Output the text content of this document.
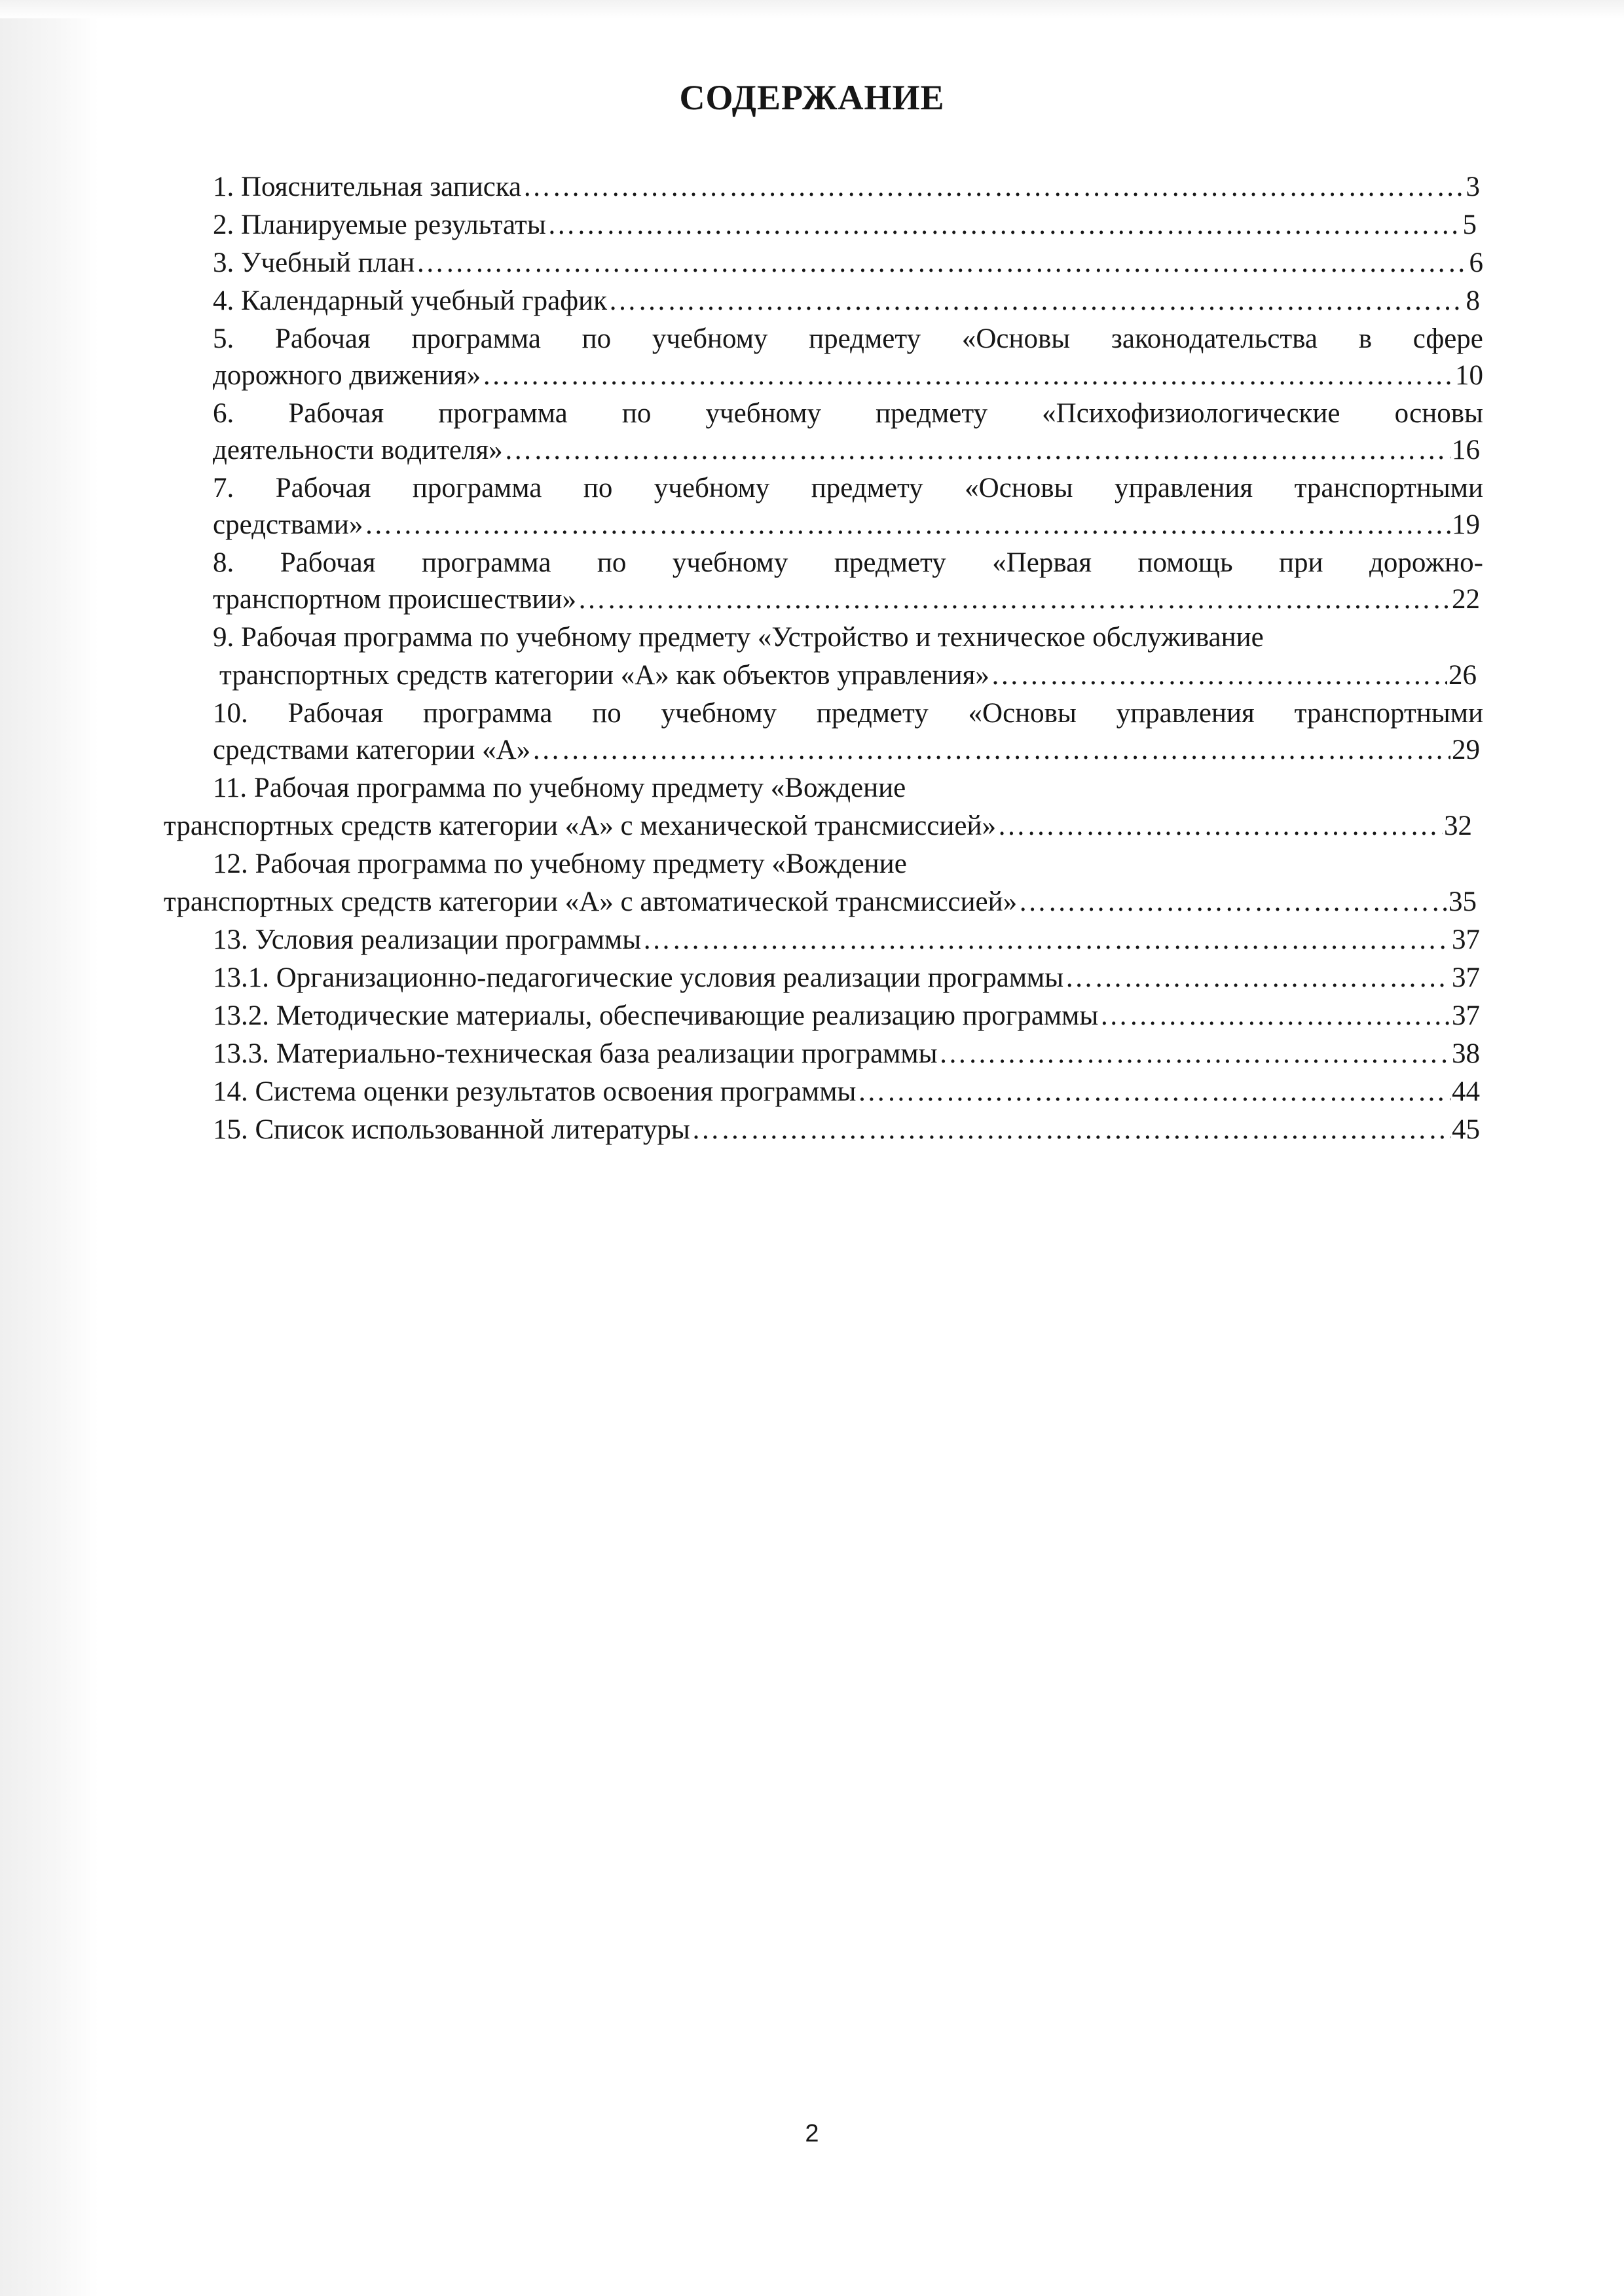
СОДЕРЖАНИЕ
1. Пояснительная записка ………………………………………………………………………………………………………………………………………………………………………………………………………………………………………	3
2. Планируемые результаты ………………………………………………………………………………………………………………………………………………………………………………………………………………………………………	5
3. Учебный план ………………………………………………………………………………………………………………………………………………………………………………………………………………………………………	6
4. Календарный учебный график ………………………………………………………………………………………………………………………………………………………………………………………………………………………………………	8
5. Рабочая программа по учебному предмету «Основы законодательства в сфере
дорожного движения» ………………………………………………………………………………………………………………………………………………………………………………………………………………………………………	10
6. Рабочая программа по учебному предмету «Психофизиологические основы
деятельности водителя» ………………………………………………………………………………………………………………………………………………………………………………………………………………………………………	16
7. Рабочая программа по учебному предмету «Основы управления транспортными
средствами» ………………………………………………………………………………………………………………………………………………………………………………………………………………………………………	19
8. Рабочая программа по учебному предмету «Первая помощь при дорожно-
транспортном происшествии» ………………………………………………………………………………………………………………………………………………………………………………………………………………………………………	22
9. Рабочая программа по учебному предмету «Устройство и техническое обслуживание
транспортных средств категории «А» как объектов управления» ………………………………………………………………………………………………………………………………………………………………………………………………………………………………………	26
10. Рабочая программа по учебному предмету «Основы управления транспортными
средствами категории «А» ………………………………………………………………………………………………………………………………………………………………………………………………………………………………………	29
11. Рабочая программа по учебному предмету «Вождение
транспортных средств категории «А» с механической трансмиссией» ………………………………………………………………………………………………………………………………………………………………………………………………………………………………………	32
12. Рабочая программа по учебному предмету «Вождение
транспортных средств категории «А» с автоматической трансмиссией» ………………………………………………………………………………………………………………………………………………………………………………………………………………………………………	35
13. Условия реализации программы ………………………………………………………………………………………………………………………………………………………………………………………………………………………………………	37
13.1. Организационно-педагогические условия реализации программы ………………………………………………………………………………………………………………………………………………………………………………………………………………………………………	37
13.2. Методические материалы, обеспечивающие реализацию программы ………………………………………………………………………………………………………………………………………………………………………………………………………………………………………	37
13.3. Материально-техническая база реализации программы ………………………………………………………………………………………………………………………………………………………………………………………………………………………………………	38
14. Система оценки результатов освоения программы ………………………………………………………………………………………………………………………………………………………………………………………………………………………………………	44
15. Список использованной литературы ………………………………………………………………………………………………………………………………………………………………………………………………………………………………………	45
2
